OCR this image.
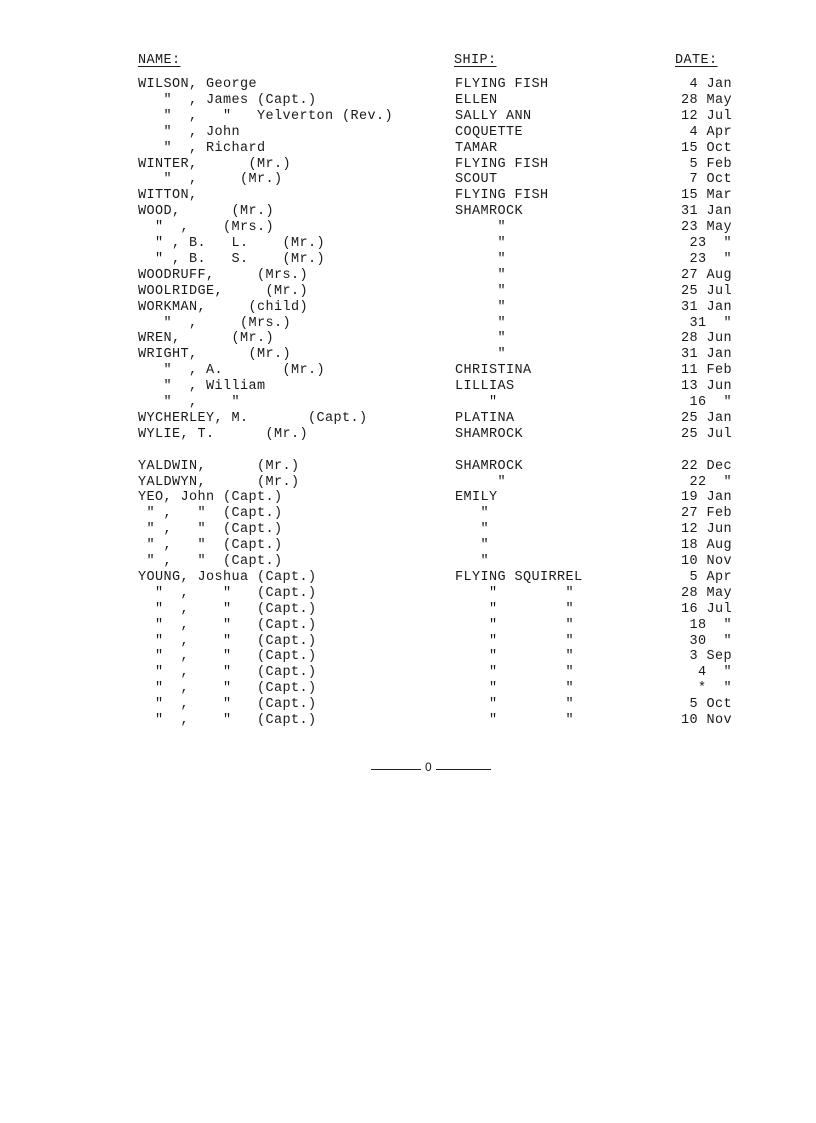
NAME:	SHIP:	DATE:
WILSON, George	FLYING FISH	4 Jan
"  , James (Capt.)	ELLEN	28 May
"  ,   "   Yelverton (Rev.)	SALLY ANN	12 Jul
"  , John	COQUETTE	4 Apr
"  , Richard	TAMAR	15 Oct
WINTER,      (Mr.)	FLYING FISH	5 Feb
"  ,     (Mr.)	SCOUT	7 Oct
WITTON,	FLYING FISH	15 Mar
WOOD,      (Mr.)	SHAMROCK	31 Jan
"  ,    (Mrs.)	"	23 May
" , B.   L.    (Mr.)	"	23  "
" , B.   S.    (Mr.)	"	23  "
WOODRUFF,     (Mrs.)	"	27 Aug
WOOLRIDGE,     (Mr.)	"	25 Jul
WORKMAN,     (child)	"	31 Jan
"  ,     (Mrs.)	"	31  "
WREN,      (Mr.)	"	28 Jun
WRIGHT,      (Mr.)	"	31 Jan
"  , A.       (Mr.)	CHRISTINA	11 Feb
"  , William	LILLIAS	13 Jun
"  ,    "	"	16  "
WYCHERLEY, M.       (Capt.)	PLATINA	25 Jan
WYLIE, T.      (Mr.)	SHAMROCK	25 Jul
YALDWIN,      (Mr.)	SHAMROCK	22 Dec
YALDWYN,      (Mr.)	"	22  "
YEO, John (Capt.)	EMILY	19 Jan
" ,   "  (Capt.)	"	27 Feb
" ,   "  (Capt.)	"	12 Jun
" ,   "  (Capt.)	"	18 Aug
" ,   "  (Capt.)	"	10 Nov
YOUNG, Joshua (Capt.)	FLYING SQUIRREL	5 Apr
"  ,    "   (Capt.)	"        "	28 May
"  ,    "   (Capt.)	"        "	16 Jul
"  ,    "   (Capt.)	"        "	18  "
"  ,    "   (Capt.)	"        "	30  "
"  ,    "   (Capt.)	"        "	3 Sep
"  ,    "   (Capt.)	"        "	4  "
"  ,    "   (Capt.)	"        "	*  "
"  ,    "   (Capt.)	"        "	5 Oct
"  ,    "   (Capt.)	"        "	10 Nov
0
